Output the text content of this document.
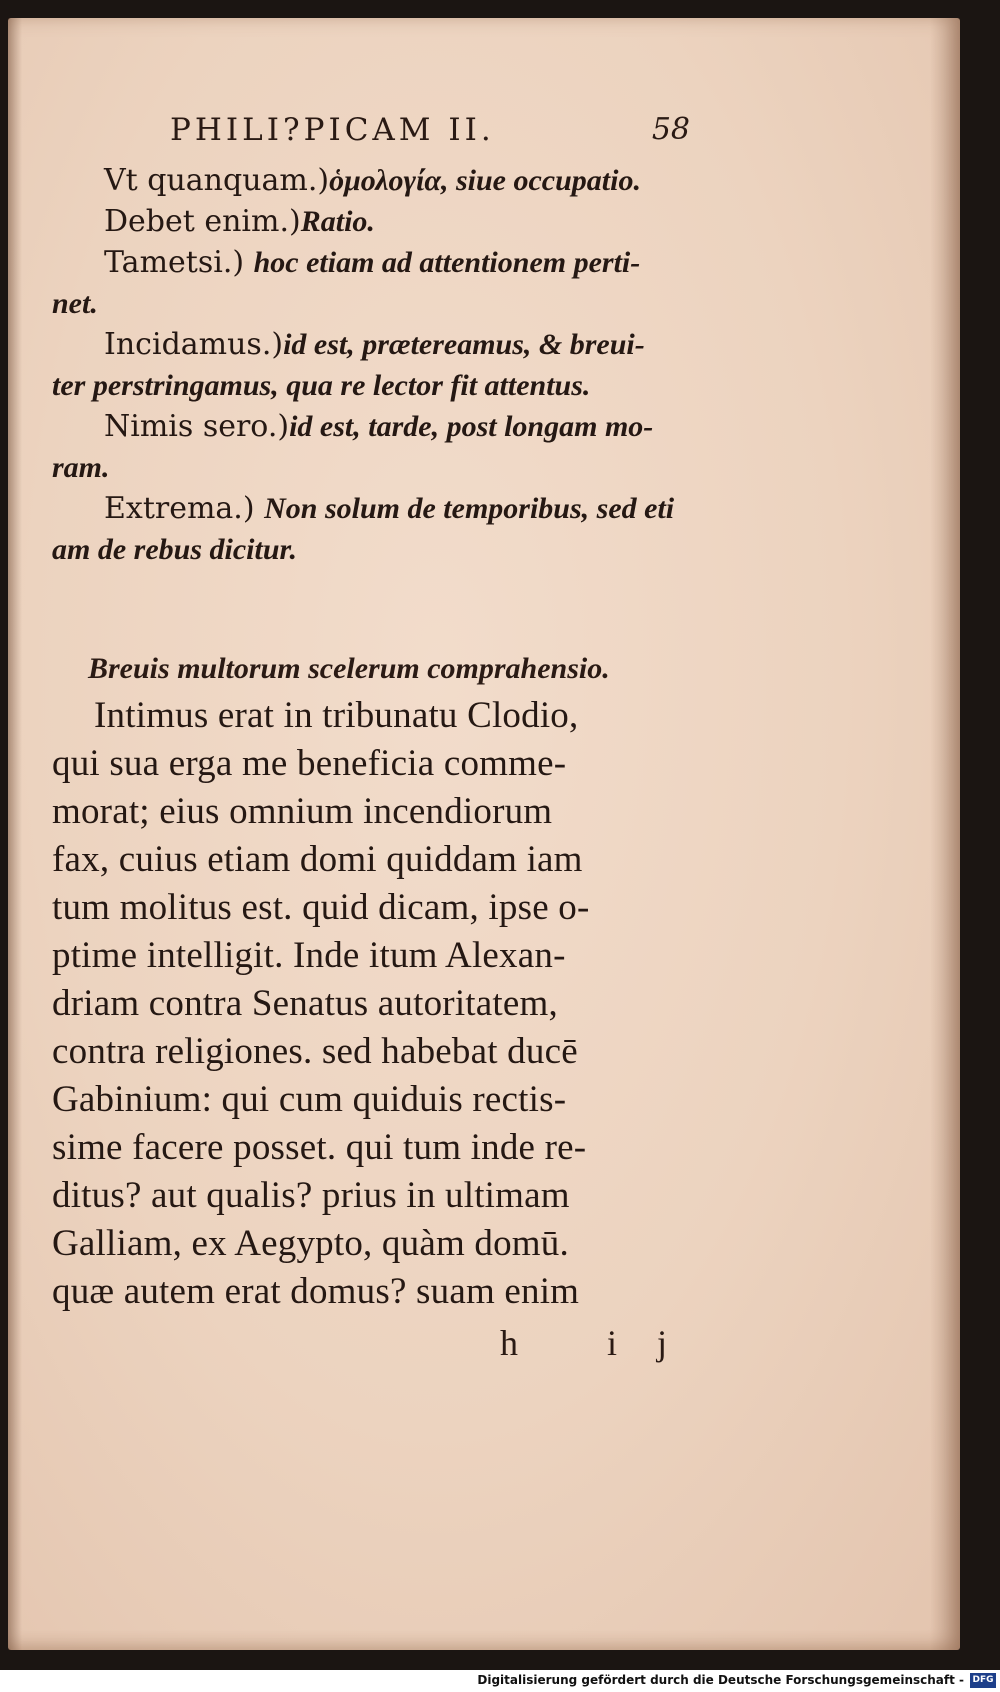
PHILI?PICAM II.	58
Vt quanquam.)ὁμολογία, siue occupatio.
Debet enim.)Ratio.
Tametsi.) hoc etiam ad attentionem perti-
net.
Incidamus.)id est, prætereamus, & breui-
ter perstringamus, qua re lector fit attentus.
Nimis sero.)id est, tarde, post longam mo-
ram.
Extrema.) Non solum de temporibus, sed eti
am de rebus dicitur.
Breuis multorum scelerum comprahensio.
Intimus erat in tribunatu Clodio,
qui sua erga me beneficia comme-
morat; eius omnium incendiorum
fax, cuius etiam domi quiddam iam
tum molitus est. quid dicam, ipse o-
ptime intelligit. Inde itum Alexan-
driam contra Senatus autoritatem,
contra religiones. sed habebat ducē
Gabinium: qui cum quiduis rectis-
sime facere posset. qui tum inde re-
ditus? aut qualis? prius in ultimam
Galliam, ex Aegypto, quàm domū.
quæ autem erat domus? suam enim
h ij
Digitalisierung gefördert durch die Deutsche Forschungsgemeinschaft - DFG
